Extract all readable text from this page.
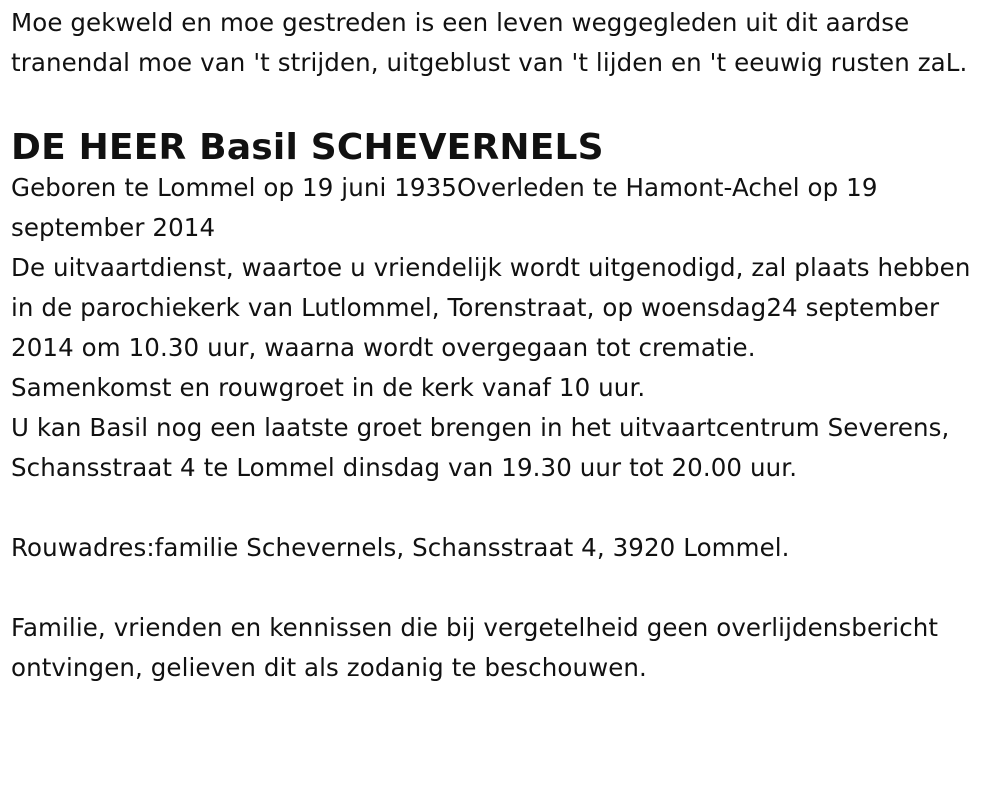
Moe gekweld en moe gestreden is een leven weggegleden uit dit aardse tranendal moe van 't strijden, uitgeblust van 't lijden en 't eeuwig rusten zaL.

DE HEER Basil SCHEVERNELS

Geboren te Lommel op 19 juni 1935Overleden te Hamont-Achel op 19 september 2014

De uitvaartdienst, waartoe u vriendelijk wordt uitgenodigd, zal plaats hebben in de parochiekerk van Lutlommel, Torenstraat, op woensdag24 september 2014 om 10.30 uur, waarna wordt overgegaan tot crematie.

Samenkomst en rouwgroet in de kerk vanaf 10 uur.

U kan Basil nog een laatste groet brengen in het uitvaartcentrum Severens, Schansstraat 4 te Lommel dinsdag van 19.30 uur tot 20.00 uur.

Rouwadres:familie Schevernels, Schansstraat 4, 3920 Lommel.

Familie, vrienden en kennissen die bij vergetelheid geen overlijdensbericht ontvingen, gelieven dit als zodanig te beschouwen.
